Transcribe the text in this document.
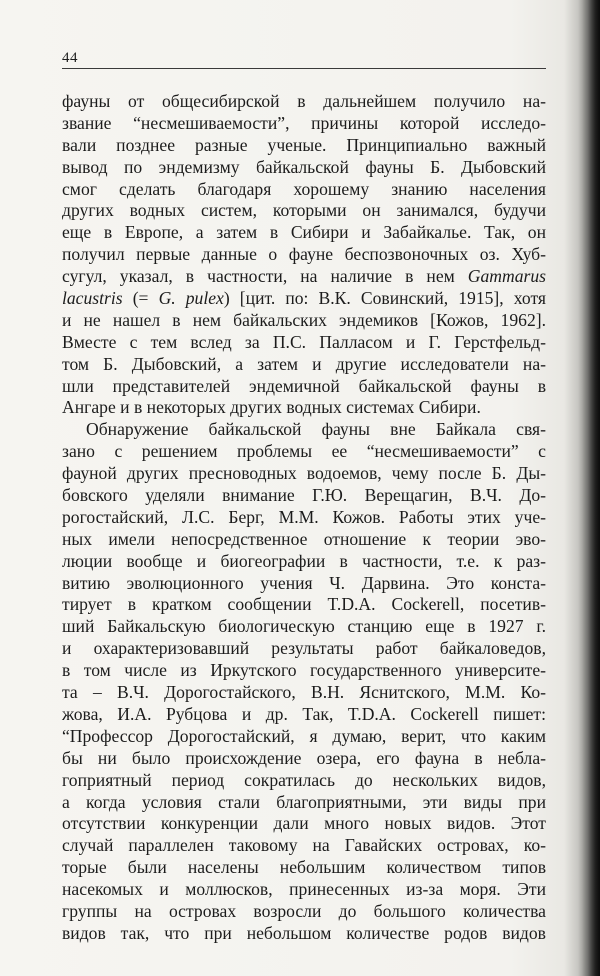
44
фауны от общесибирской в дальнейшем получило на-
звание “несмешиваемости”, причины которой исследо-
вали позднее разные ученые. Принципиально важный
вывод по эндемизму байкальской фауны Б. Дыбовский
смог сделать благодаря хорошему знанию населения
других водных систем, которыми он занимался, будучи
еще в Европе, а затем в Сибири и Забайкалье. Так, он
получил первые данные о фауне беспозвоночных оз. Хуб-
сугул, указал, в частности, на наличие в нем Gammarus
lacustris (= G. pulex) [цит. по: В.К. Совинский, 1915], хотя
и не нашел в нем байкальских эндемиков [Кожов, 1962].
Вместе с тем вслед за П.С. Палласом и Г. Герстфельд-
том Б. Дыбовский, а затем и другие исследователи на-
шли представителей эндемичной байкальской фауны в
Ангаре и в некоторых других водных системах Сибири.
Обнаружение байкальской фауны вне Байкала свя-
зано с решением проблемы ее “несмешиваемости” с
фауной других пресноводных водоемов, чему после Б. Ды-
бовского уделяли внимание Г.Ю. Верещагин, В.Ч. До-
рогостайский, Л.С. Берг, М.М. Кожов. Работы этих уче-
ных имели непосредственное отношение к теории эво-
люции вообще и биогеографии в частности, т.е. к раз-
витию эволюционного учения Ч. Дарвина. Это конста-
тирует в кратком сообщении T.D.A. Cockerell, посетив-
ший Байкальскую биологическую станцию еще в 1927 г.
и охарактеризовавший результаты работ байкаловедов,
в том числе из Иркутского государственного университе-
та – В.Ч. Дорогостайского, В.Н. Яснитского, М.М. Ко-
жова, И.А. Рубцова и др. Так, T.D.A. Cockerell пишет:
“Профессор Дорогостайский, я думаю, верит, что каким
бы ни было происхождение озера, его фауна в небла-
гоприятный период сократилась до нескольких видов,
а когда условия стали благоприятными, эти виды при
отсутствии конкуренции дали много новых видов. Этот
случай параллелен таковому на Гавайских островах, ко-
торые были населены небольшим количеством типов
насекомых и моллюсков, принесенных из-за моря. Эти
группы на островах возросли до большого количества
видов так, что при небольшом количестве родов видов
